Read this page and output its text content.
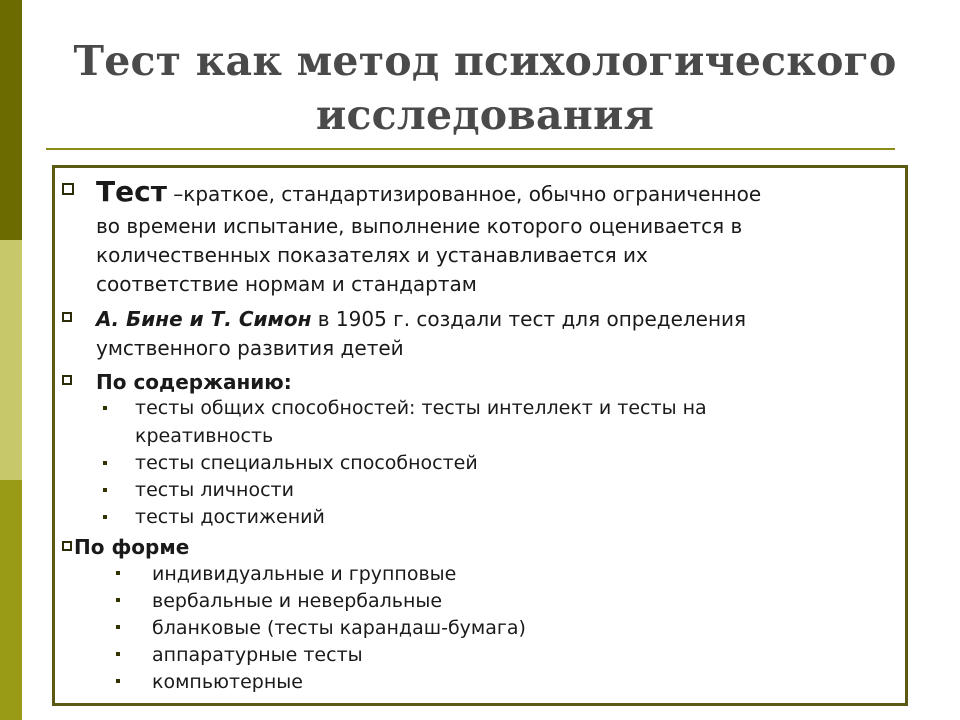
Тест как метод психологического
исследования
Тест –краткое, стандартизированное, обычно ограниченное
во времени испытание, выполнение которого оценивается в
количественных показателях и устанавливается их
соответствие нормам и стандартам
А. Бине и Т. Симон в 1905 г. создали тест для определения
умственного развития детей
По содержанию:
тесты общих способностей: тесты интеллект и тесты на
креативность
тесты специальных способностей
тесты личности
тесты достижений
По форме
индивидуальные и групповые
вербальные и невербальные
бланковые (тесты карандаш-бумага)
аппаратурные тесты
компьютерные
